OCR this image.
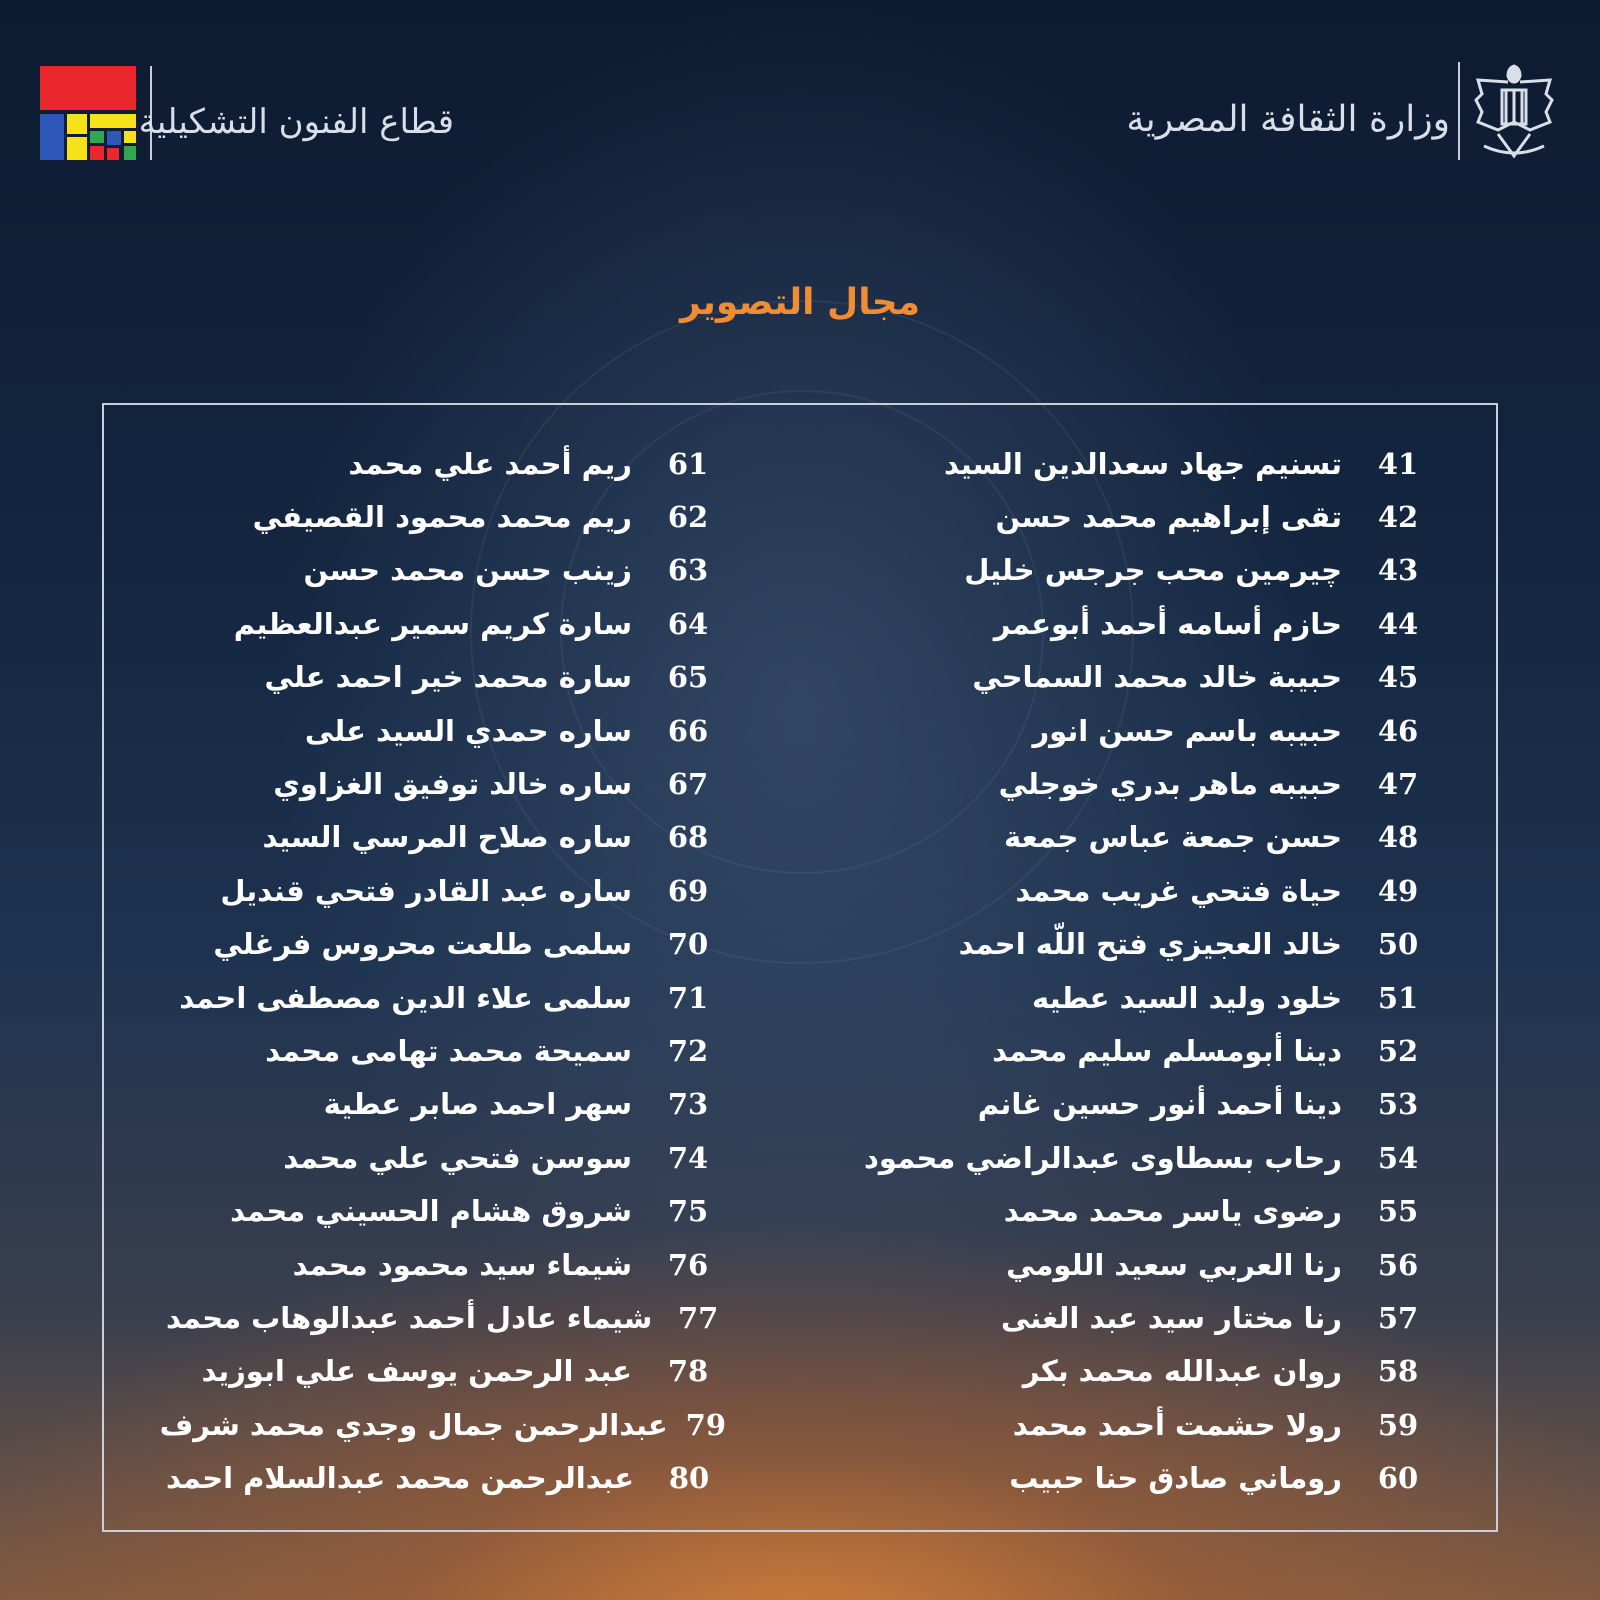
قطاع الفنون التشكيلية	وزارة الثقافة المصرية
مجال التصوير
41
تسنيم جهاد سعدالدين السيد
42
تقى إبراهيم محمد حسن
43
چيرمين محب جرجس خليل
44
حازم أسامه أحمد أبوعمر
45
حبيبة خالد محمد السماحي
46
حبيبه باسم حسن انور
47
حبيبه ماهر بدري خوجلي
48
حسن جمعة عباس جمعة
49
حياة فتحي غريب محمد
50
خالد العجيزي فتح اللّه احمد
51
خلود وليد السيد عطيه
52
دينا أبومسلم سليم محمد
53
دينا أحمد أنور حسين غانم
54
رحاب بسطاوى عبدالراضي محمود
55
رضوى ياسر محمد محمد
56
رنا العربي سعيد اللومي
57
رنا مختار سيد عبد الغنى
58
روان عبدالله محمد بكر
59
رولا حشمت أحمد محمد
60
روماني صادق حنا حبيب
61
ريم أحمد علي محمد
62
ريم محمد محمود القصيفي
63
زينب حسن محمد حسن
64
سارة كريم سمير عبدالعظيم
65
سارة محمد خير احمد علي
66
ساره حمدي السيد على
67
ساره خالد توفيق الغزاوي
68
ساره صلاح المرسي السيد
69
ساره عبد القادر فتحي قنديل
70
سلمى طلعت محروس فرغلي
71
سلمى علاء الدين مصطفى احمد
72
سميحة محمد تهامى محمد
73
سهر احمد صابر عطية
74
سوسن فتحي علي محمد
75
شروق هشام الحسيني محمد
76
شيماء سيد محمود محمد
77
شيماء عادل أحمد عبدالوهاب محمد
78
عبد الرحمن يوسف علي ابوزيد
79
عبدالرحمن جمال وجدي محمد شرف
80
عبدالرحمن محمد عبدالسلام احمد
